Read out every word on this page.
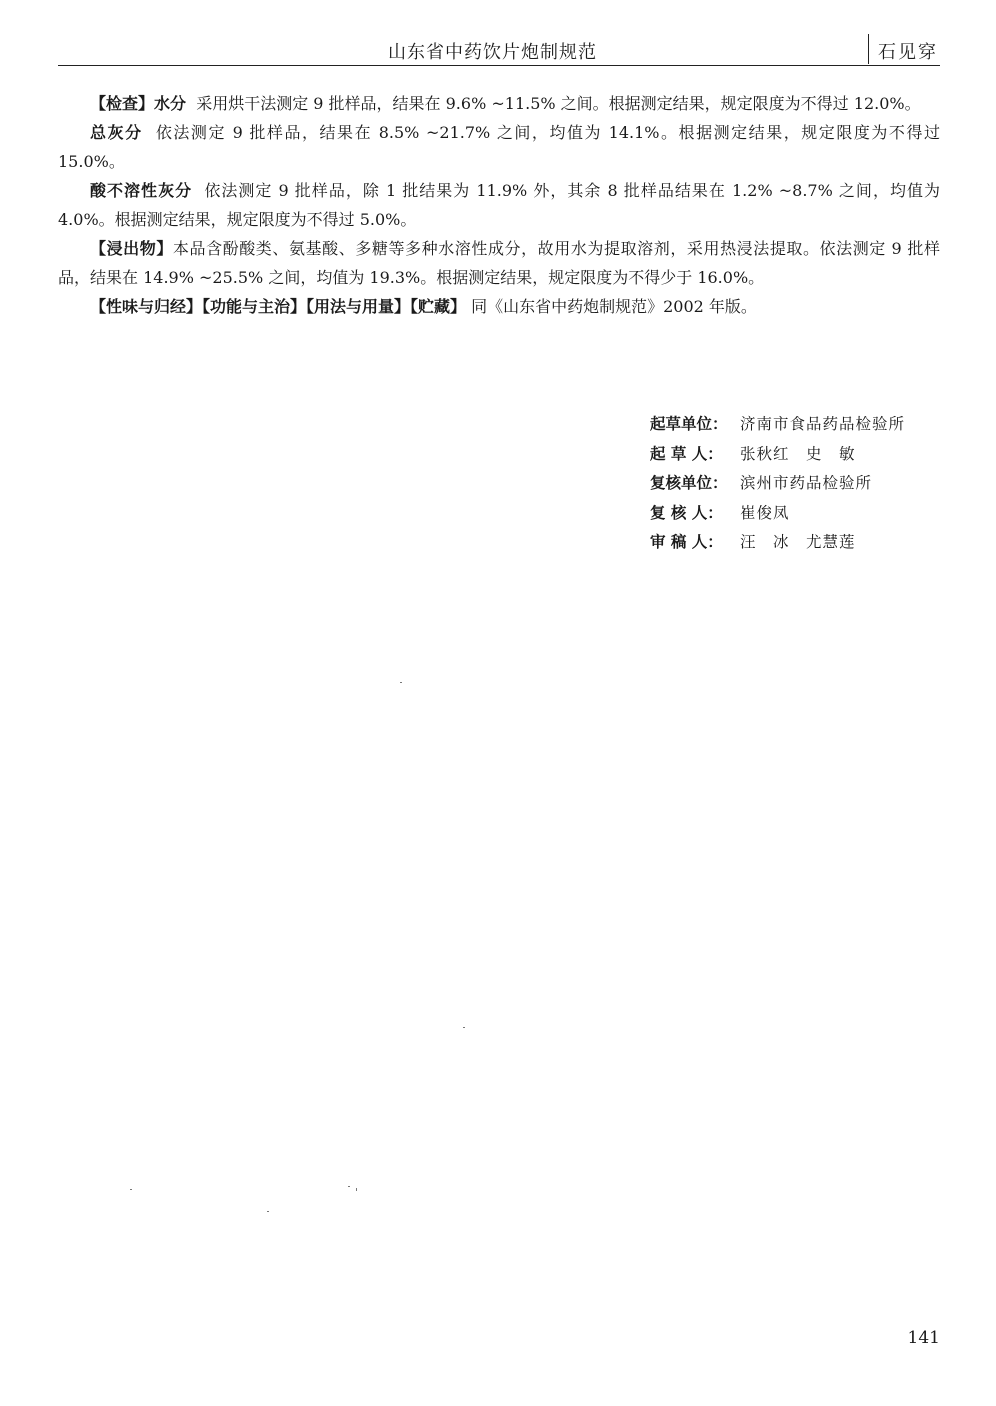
山东省中药饮片炮制规范	石见穿

【检查】水分 采用烘干法测定 9 批样品，结果在 9.6% ~11.5% 之间。根据测定结果，规定限度为不得过 12.0%。

总灰分 依法测定 9 批样品，结果在 8.5% ~21.7% 之间，均值为 14.1%。根据测定结果，规定限度为不得过 15.0%。

酸不溶性灰分 依法测定 9 批样品，除 1 批结果为 11.9% 外，其余 8 批样品结果在 1.2% ~8.7% 之间，均值为 4.0%。根据测定结果，规定限度为不得过 5.0%。

【浸出物】本品含酚酸类、氨基酸、多糖等多种水溶性成分，故用水为提取溶剂，采用热浸法提取。依法测定 9 批样品，结果在 14.9% ~25.5% 之间，均值为 19.3%。根据测定结果，规定限度为不得少于 16.0%。

【性味与归经】【功能与主治】【用法与用量】【贮藏】 同《山东省中药炮制规范》2002 年版。

起草单位： 济南市食品药品检验所
起 草 人：	张秋红　史　敏
复核单位： 滨州市药品检验所
复 核 人：	崔俊凤
审 稿 人：	汪　冰　尤慧莲
141
